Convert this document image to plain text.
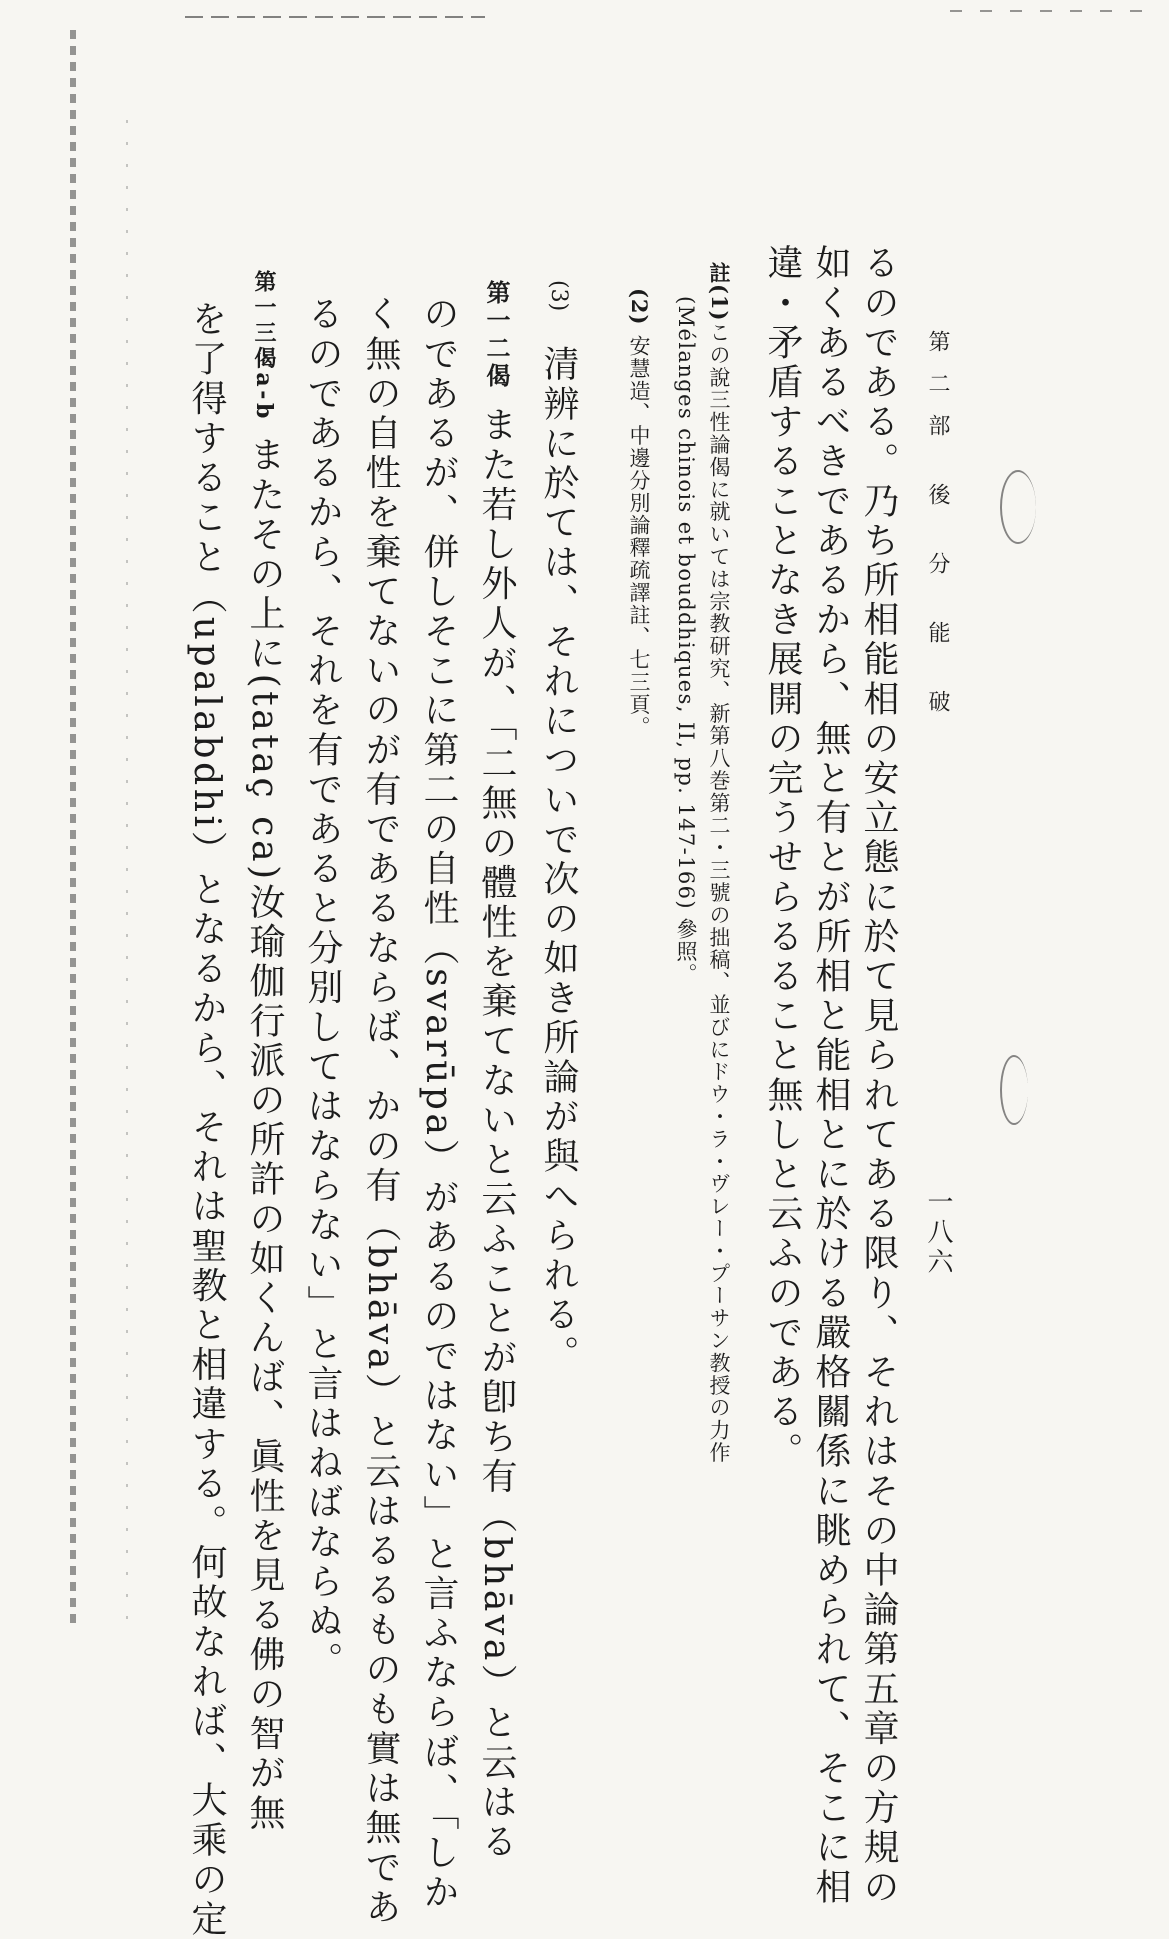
第二部 後 分 能 破
一八六
るのである。乃ち所相能相の安立態に於て見られてある限り、それはその中論第五章の方規の
如くあるべきであるから、無と有とが所相と能相とに於ける嚴格關係に眺められて、そこに相
違・矛盾することなき展開の完うせらるること無しと云ふのである。
註(1)この說三性論偈に就いては宗教研究、新第八巻第二・三號の拙稿、並びにドウ・ラ・ヴレー・プーサン教授の力作
(Mélanges chinois et bouddhiques, II, pp. 147-166) 參照。
(2)安慧造、中邊分別論釋疏譯註、七三頁。
(3)清辨に於ては、それについで次の如き所論が與へられる。
第一二偈また若し外人が、「二無の體性を棄てないと云ふことが卽ち有（bhāva）と云はる
のであるが、併しそこに第二の自性（svarūpa）があるのではない」と言ふならば、「しか
く無の自性を棄てないのが有であるならば、かの有（bhāva）と云はるるものも實は無であ
るのであるから、それを有であると分別してはならない」と言はねばならぬ。
第一三偈a-bまたその上に(tataç ca)汝瑜伽行派の所許の如くんば、眞性を見る佛の智が無
を了得すること（upalabdhi）となるから、それは聖教と相違する。何故なれば、大乘の定
